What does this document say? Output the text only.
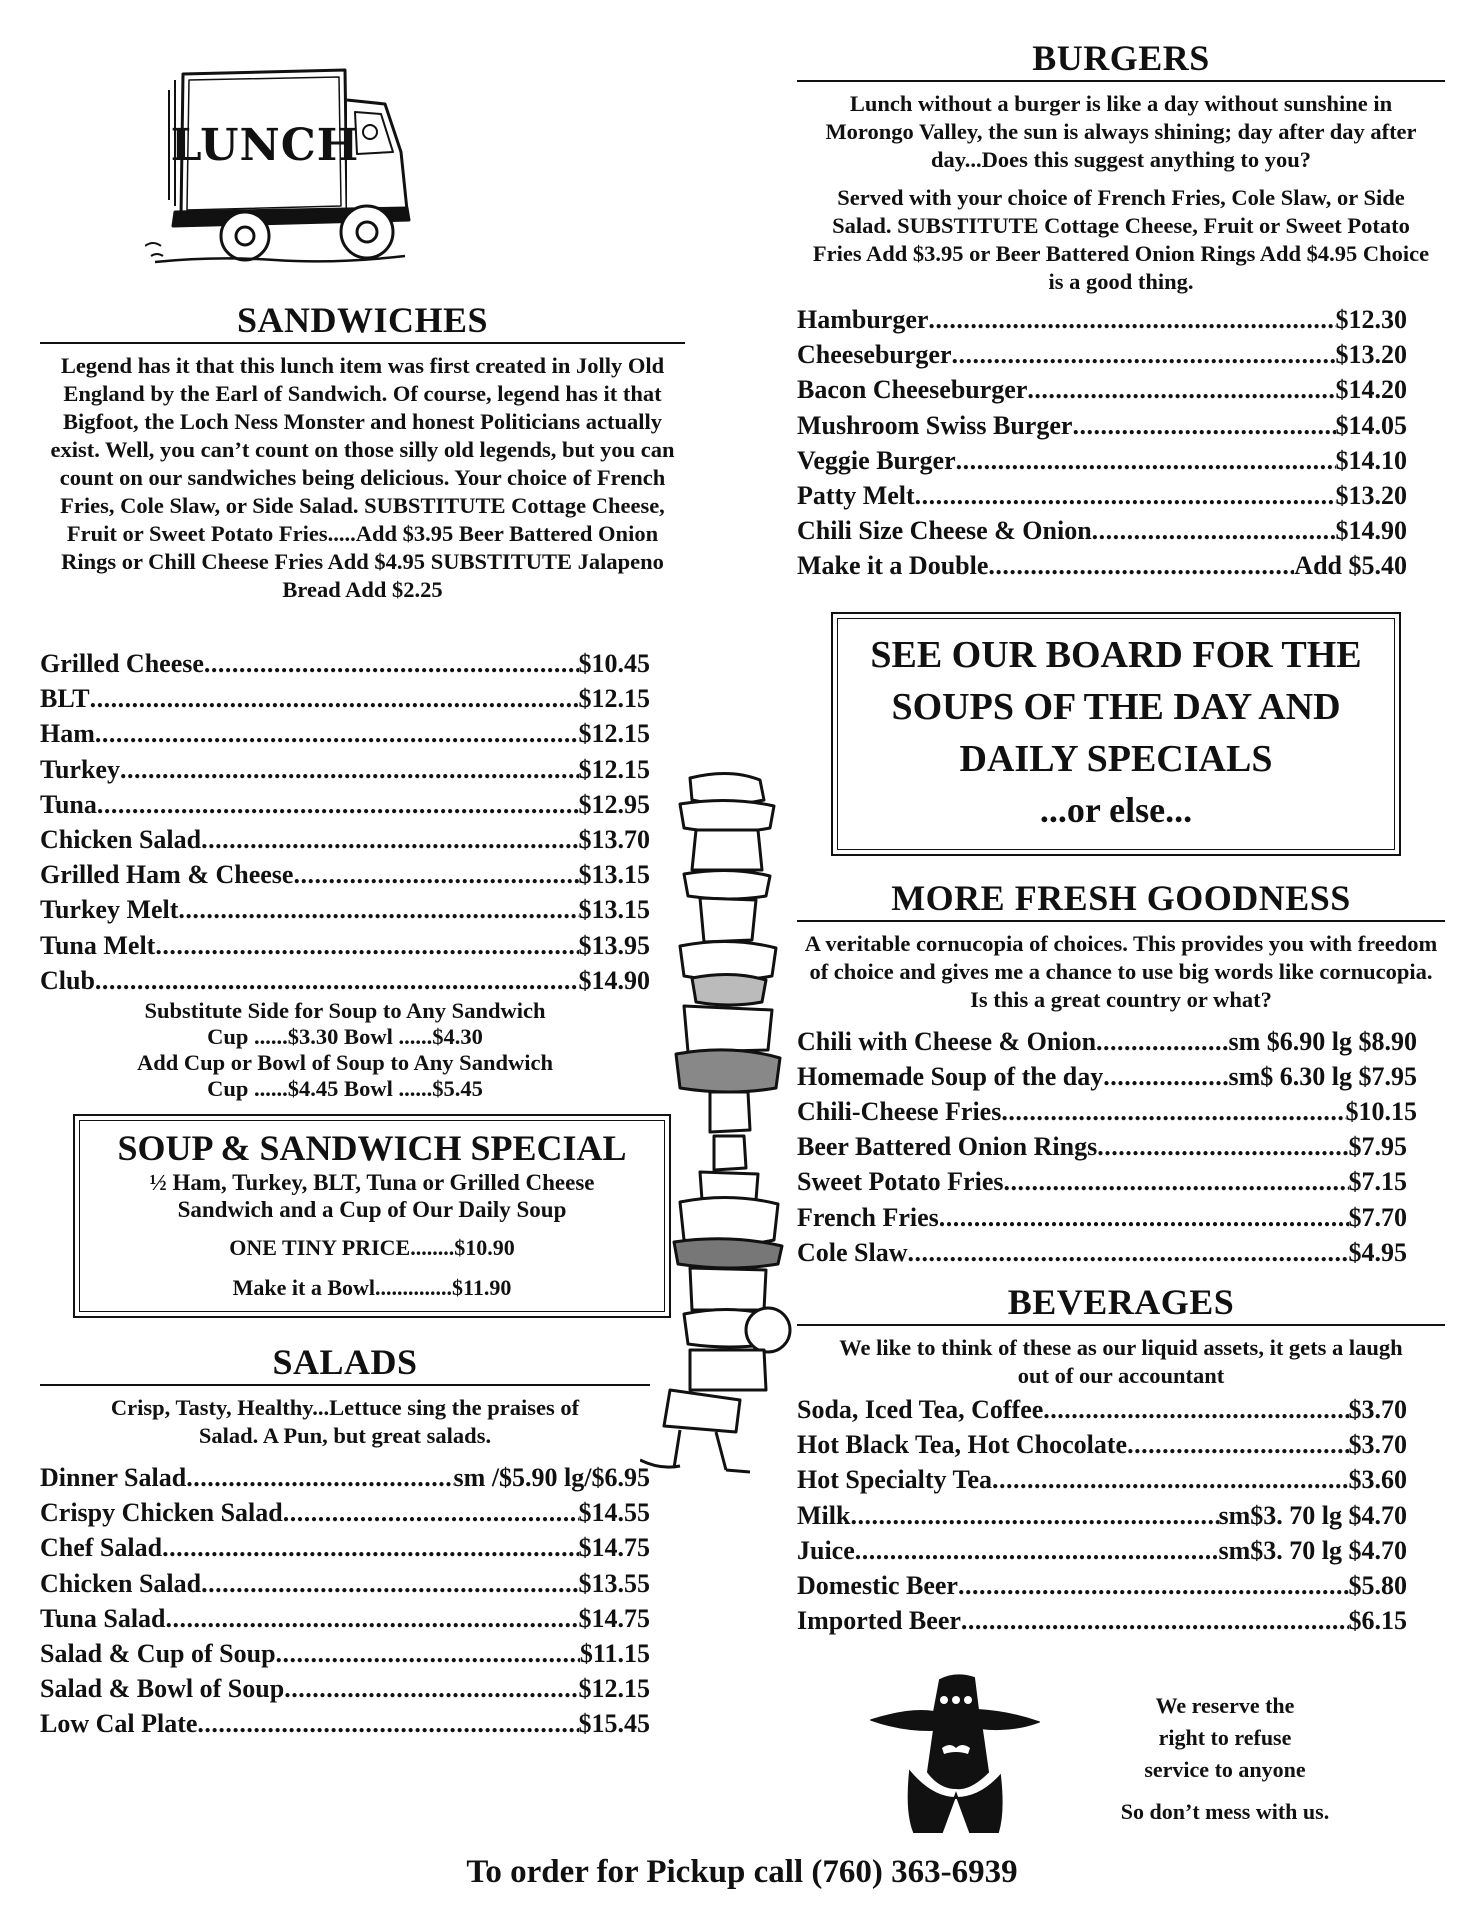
LUNCH
SANDWICHES
Legend has it that this lunch item was first created in Jolly Old England by the Earl of Sandwich. Of course, legend has it that Bigfoot, the Loch Ness Monster and honest Politicians actually exist. Well, you can’t count on those silly old legends, but you can count on our sandwiches being delicious. Your choice of French Fries, Cole Slaw, or Side Salad. SUBSTITUTE Cottage Cheese, Fruit or Sweet Potato Fries.....Add $3.95 Beer Battered Onion Rings or Chill Cheese Fries Add $4.95 SUBSTITUTE Jalapeno Bread Add $2.25
Grilled Cheese .....	$10.45
BLT .....	$12.15
Ham .....	$12.15
Turkey .....	$12.15
Tuna .....	$12.95
Chicken Salad .....	$13.70
Grilled Ham & Cheese .....	$13.15
Turkey Melt .....	$13.15
Tuna Melt .....	$13.95
Club .....	$14.90
Substitute Side for Soup to Any Sandwich
Cup ......$3.30 Bowl ......$4.30
Add Cup or Bowl of Soup to Any Sandwich
Cup ......$4.45 Bowl ......$5.45
SOUP & SANDWICH SPECIAL
½ Ham, Turkey, BLT, Tuna or Grilled Cheese
Sandwich and a Cup of Our Daily Soup
ONE TINY PRICE........$10.90
Make it a Bowl..............$11.90
SALADS
Crisp, Tasty, Healthy...Lettuce sing the praises of Salad. A Pun, but great salads.
Dinner Salad .....	sm /$5.90 lg/$6.95
Crispy Chicken Salad .....	$14.55
Chef Salad .....	$14.75
Chicken Salad .....	$13.55
Tuna Salad .....	$14.75
Salad & Cup of Soup .....	$11.15
Salad & Bowl of Soup .....	$12.15
Low Cal Plate .....	$15.45
BURGERS
Lunch without a burger is like a day without sunshine in Morongo Valley, the sun is always shining; day after day after day...Does this suggest anything to you?
Served with your choice of French Fries, Cole Slaw, or Side Salad. SUBSTITUTE Cottage Cheese, Fruit or Sweet Potato Fries Add $3.95 or Beer Battered Onion Rings Add $4.95 Choice is a good thing.
Hamburger .....	$12.30
Cheeseburger .....	$13.20
Bacon Cheeseburger .....	$14.20
Mushroom Swiss Burger .....	$14.05
Veggie Burger .....	$14.10
Patty Melt .....	$13.20
Chili Size Cheese & Onion .....	$14.90
Make it a Double .....	Add $5.40
SEE OUR BOARD FOR THE
SOUPS OF THE DAY AND
DAILY SPECIALS
...or else...
MORE FRESH GOODNESS
A veritable cornucopia of choices. This provides you with freedom of choice and gives me a chance to use big words like cornucopia. Is this a great country or what?
Chili with Cheese & Onion .....	sm $6.90 lg $8.90
Homemade Soup of the day .....	sm$ 6.30 lg $7.95
Chili-Cheese Fries .....	$10.15
Beer Battered Onion Rings .....	$7.95
Sweet Potato Fries .....	$7.15
French Fries .....	$7.70
Cole Slaw .....	$4.95
BEVERAGES
We like to think of these as our liquid assets, it gets a laugh out of our accountant
Soda, Iced Tea, Coffee .....	$3.70
Hot Black Tea, Hot Chocolate .....	$3.70
Hot Specialty Tea .....	$3.60
Milk .....	sm$3. 70 lg $4.70
Juice .....	sm$3. 70 lg $4.70
Domestic Beer .....	$5.80
Imported Beer .....	$6.15
We reserve the
right to refuse
service to anyone
So don’t mess with us.
To order for Pickup call (760) 363-6939
